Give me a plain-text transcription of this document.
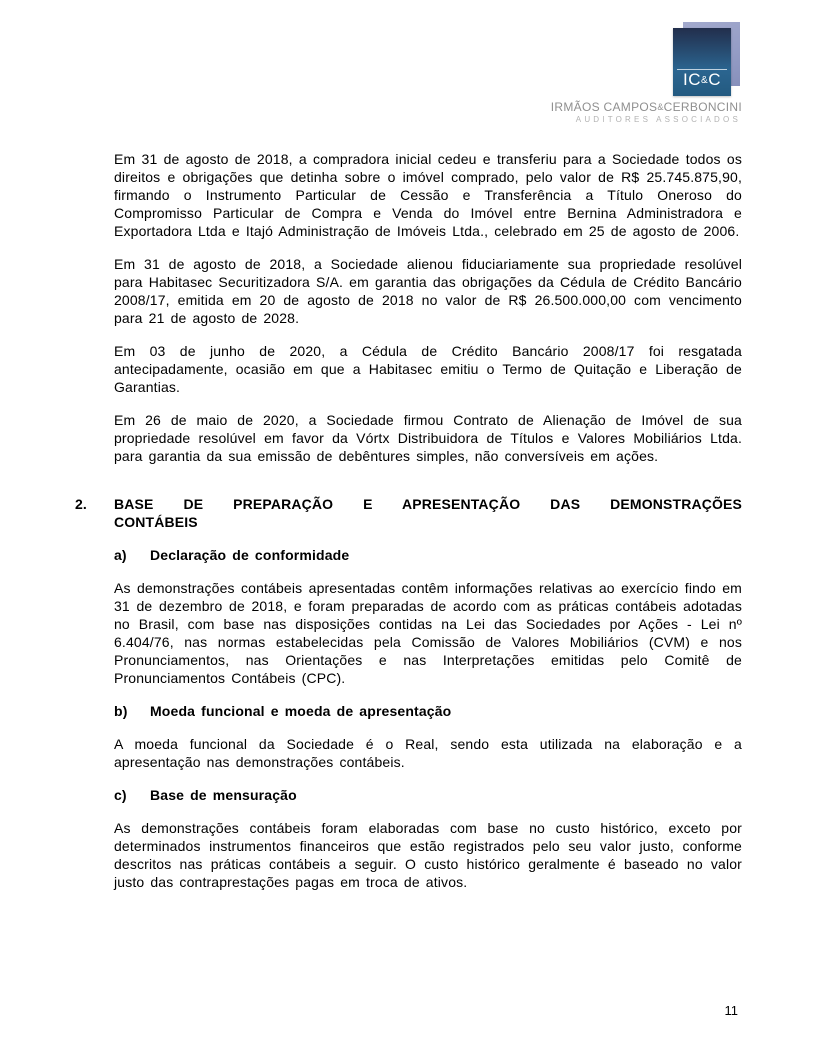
IC&C
IRMÃOS CAMPOS&CERBONCINI
AUDITORES ASSOCIADOS

Em 31 de agosto de 2018, a compradora inicial cedeu e transferiu para a Sociedade todos os direitos e obrigações que detinha sobre o imóvel comprado, pelo valor de R$ 25.745.875,90, firmando o Instrumento Particular de Cessão e Transferência a Título Oneroso do Compromisso Particular de Compra e Venda do Imóvel entre Bernina Administradora e Exportadora Ltda e Itajó Administração de Imóveis Ltda., celebrado em 25 de agosto de 2006.

Em 31 de agosto de 2018, a Sociedade alienou fiduciariamente sua propriedade resolúvel para Habitasec Securitizadora S/A. em garantia das obrigações da Cédula de Crédito Bancário 2008/17, emitida em 20 de agosto de 2018 no valor de R$ 26.500.000,00 com vencimento para 21 de agosto de 2028.

Em 03 de junho de 2020, a Cédula de Crédito Bancário 2008/17 foi resgatada antecipadamente, ocasião em que a Habitasec emitiu o Termo de Quitação e Liberação de Garantias.

Em 26 de maio de 2020, a Sociedade firmou Contrato de Alienação de Imóvel de sua propriedade resolúvel em favor da Vórtx Distribuidora de Títulos e Valores Mobiliários Ltda. para garantia da sua emissão de debêntures simples, não conversíveis em ações.

2.	BASE DE PREPARAÇÃO E APRESENTAÇÃO DAS DEMONSTRAÇÕES
CONTÁBEIS
a)	Declaração de conformidade

As demonstrações contábeis apresentadas contêm informações relativas ao exercício findo em 31 de dezembro de 2018, e foram preparadas de acordo com as práticas contábeis adotadas no Brasil, com base nas disposições contidas na Lei das Sociedades por Ações - Lei nº 6.404/76, nas normas estabelecidas pela Comissão de Valores Mobiliários (CVM) e nos Pronunciamentos, nas Orientações e nas Interpretações emitidas pelo Comitê de Pronunciamentos Contábeis (CPC).

b)	Moeda funcional e moeda de apresentação

A moeda funcional da Sociedade é o Real, sendo esta utilizada na elaboração e a apresentação nas demonstrações contábeis.

c)	Base de mensuração

As demonstrações contábeis foram elaboradas com base no custo histórico, exceto por determinados instrumentos financeiros que estão registrados pelo seu valor justo, conforme descritos nas práticas contábeis a seguir. O custo histórico geralmente é baseado no valor justo das contraprestações pagas em troca de ativos.

11
